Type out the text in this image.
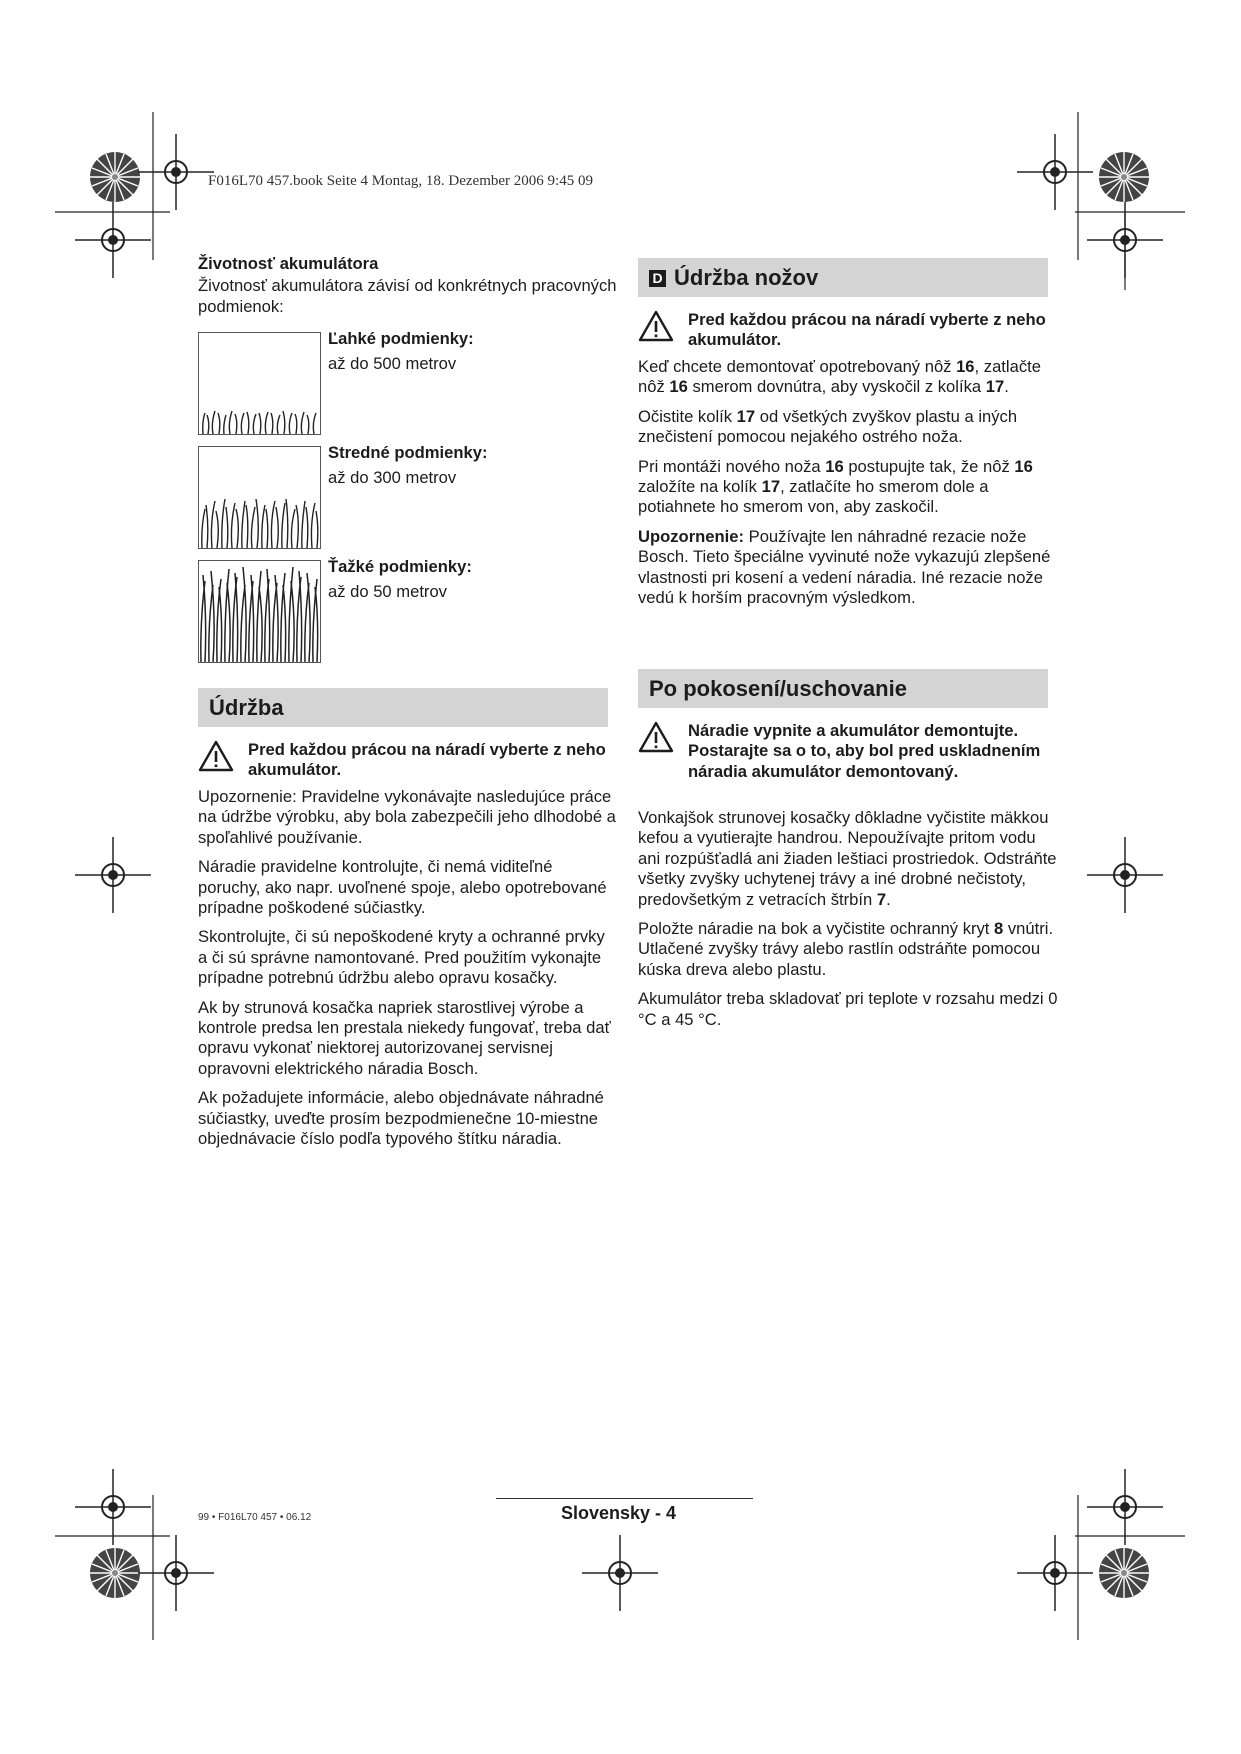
F016L70 457.book Seite 4 Montag, 18. Dezember 2006 9:45 09
Životnosť akumulátora
Životnosť akumulátora závisí od konkrétnych pracovných podmienok:
Ľahké podmienky:
až do 500 metrov
Stredné podmienky:
až do 300 metrov
Ťažké podmienky:
až do 50 metrov
Údržba
Pred každou prácou na náradí vyberte z neho akumulátor.

Upozornenie: Pravidelne vykonávajte nasledujúce práce na údržbe výrobku, aby bola zabezpečili jeho dlhodobé a spoľahlivé používanie.

Náradie pravidelne kontrolujte, či nemá viditeľné poruchy, ako napr. uvoľnené spoje, alebo opotrebované prípadne poškodené súčiastky.

Skontrolujte, či sú nepoškodené kryty a ochranné prvky a či sú správne namontované. Pred použitím vykonajte prípadne potrebnú údržbu alebo opravu kosačky.

Ak by strunová kosačka napriek starostlivej výrobe a kontrole predsa len prestala niekedy fungovať, treba dať opravu vykonať niektorej autorizovanej servisnej opravovni elektrického náradia Bosch.

Ak požadujete informácie, alebo objednávate náhradné súčiastky, uveďte prosím bezpodmienečne 10-miestne objednávacie číslo podľa typového štítku náradia.

D Údržba nožov
Pred každou prácou na náradí vyberte z neho akumulátor.

Keď chcete demontovať opotrebovaný nôž 16, zatlačte nôž 16 smerom dovnútra, aby vyskočil z kolíka 17.

Očistite kolík 17 od všetkých zvyškov plastu a iných znečistení pomocou nejakého ostrého noža.

Pri montáži nového noža 16 postupujte tak, že nôž 16 založíte na kolík 17, zatlačíte ho smerom dole a potiahnete ho smerom von, aby zaskočil.

Upozornenie: Používajte len náhradné rezacie nože Bosch. Tieto špeciálne vyvinuté nože vykazujú zlepšené vlastnosti pri kosení a vedení náradia. Iné rezacie nože vedú k horším pracovným výsledkom.

Po pokosení/uschovanie
Náradie vypnite a akumulátor demontujte. Postarajte sa o to, aby bol pred uskladnením náradia akumulátor demontovaný.

Vonkajšok strunovej kosačky dôkladne vyčistite mäkkou kefou a vyutierajte handrou. Nepoužívajte pritom vodu ani rozpúšťadlá ani žiaden leštiaci prostriedok. Odstráňte všetky zvyšky uchytenej trávy a iné drobné nečistoty, predovšetkým z vetracích štrbín 7.

Položte náradie na bok a vyčistite ochranný kryt 8 vnútri. Utlačené zvyšky trávy alebo rastlín odstráňte pomocou kúska dreva alebo plastu.

Akumulátor treba skladovať pri teplote v rozsahu medzi 0 °C a 45 °C.

99 • F016L70 457 • 06.12	Slovensky - 4
